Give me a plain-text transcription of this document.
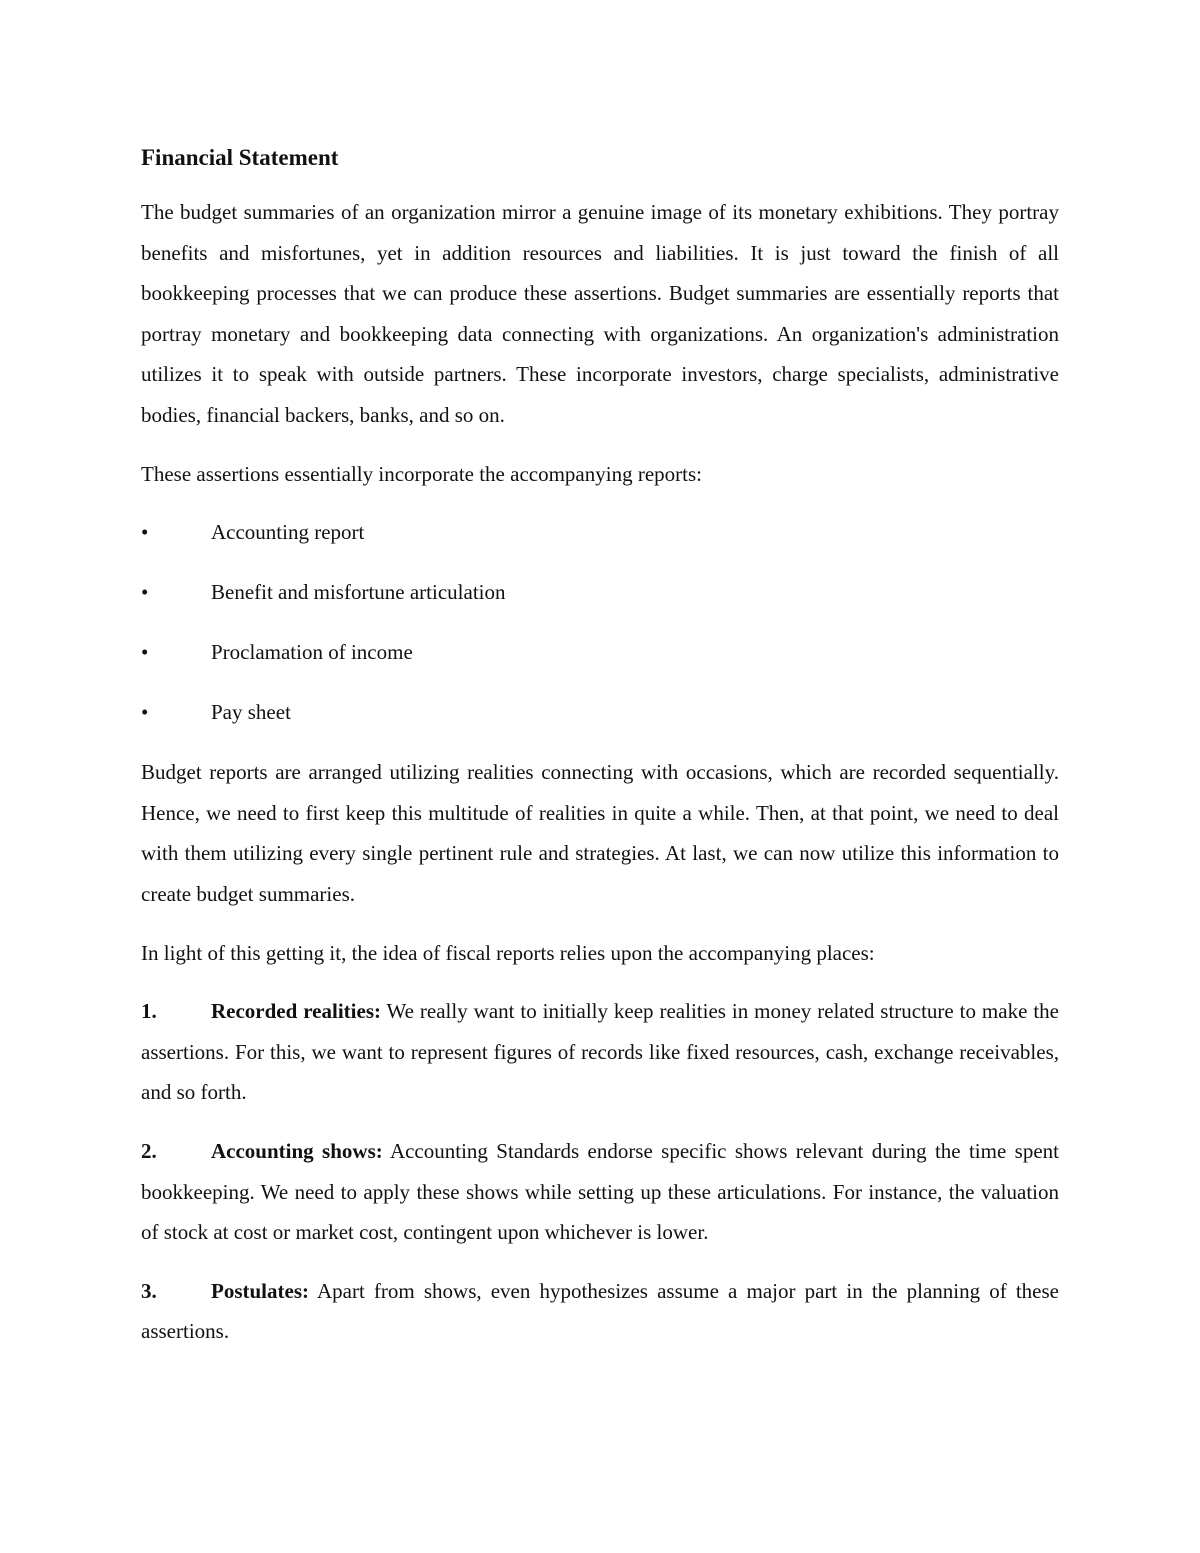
Financial Statement

The budget summaries of an organization mirror a genuine image of its monetary exhibitions. They portray benefits and misfortunes, yet in addition resources and liabilities. It is just toward the finish of all bookkeeping processes that we can produce these assertions. Budget summaries are essentially reports that portray monetary and bookkeeping data connecting with organizations. An organization's administration utilizes it to speak with outside partners. These incorporate investors, charge specialists, administrative bodies, financial backers, banks, and so on.

These assertions essentially incorporate the accompanying reports:

•	Accounting report
•	Benefit and misfortune articulation
•	Proclamation of income
•	Pay sheet

Budget reports are arranged utilizing realities connecting with occasions, which are recorded sequentially. Hence, we need to first keep this multitude of realities in quite a while. Then, at that point, we need to deal with them utilizing every single pertinent rule and strategies. At last, we can now utilize this information to create budget summaries.

In light of this getting it, the idea of fiscal reports relies upon the accompanying places:

1.	Recorded realities: We really want to initially keep realities in money related structure to make the assertions. For this, we want to represent figures of records like fixed resources, cash, exchange receivables, and so forth.
2.	Accounting shows: Accounting Standards endorse specific shows relevant during the time spent bookkeeping. We need to apply these shows while setting up these articulations. For instance, the valuation of stock at cost or market cost, contingent upon whichever is lower.
3.	Postulates: Apart from shows, even hypothesizes assume a major part in the planning of these assertions.
